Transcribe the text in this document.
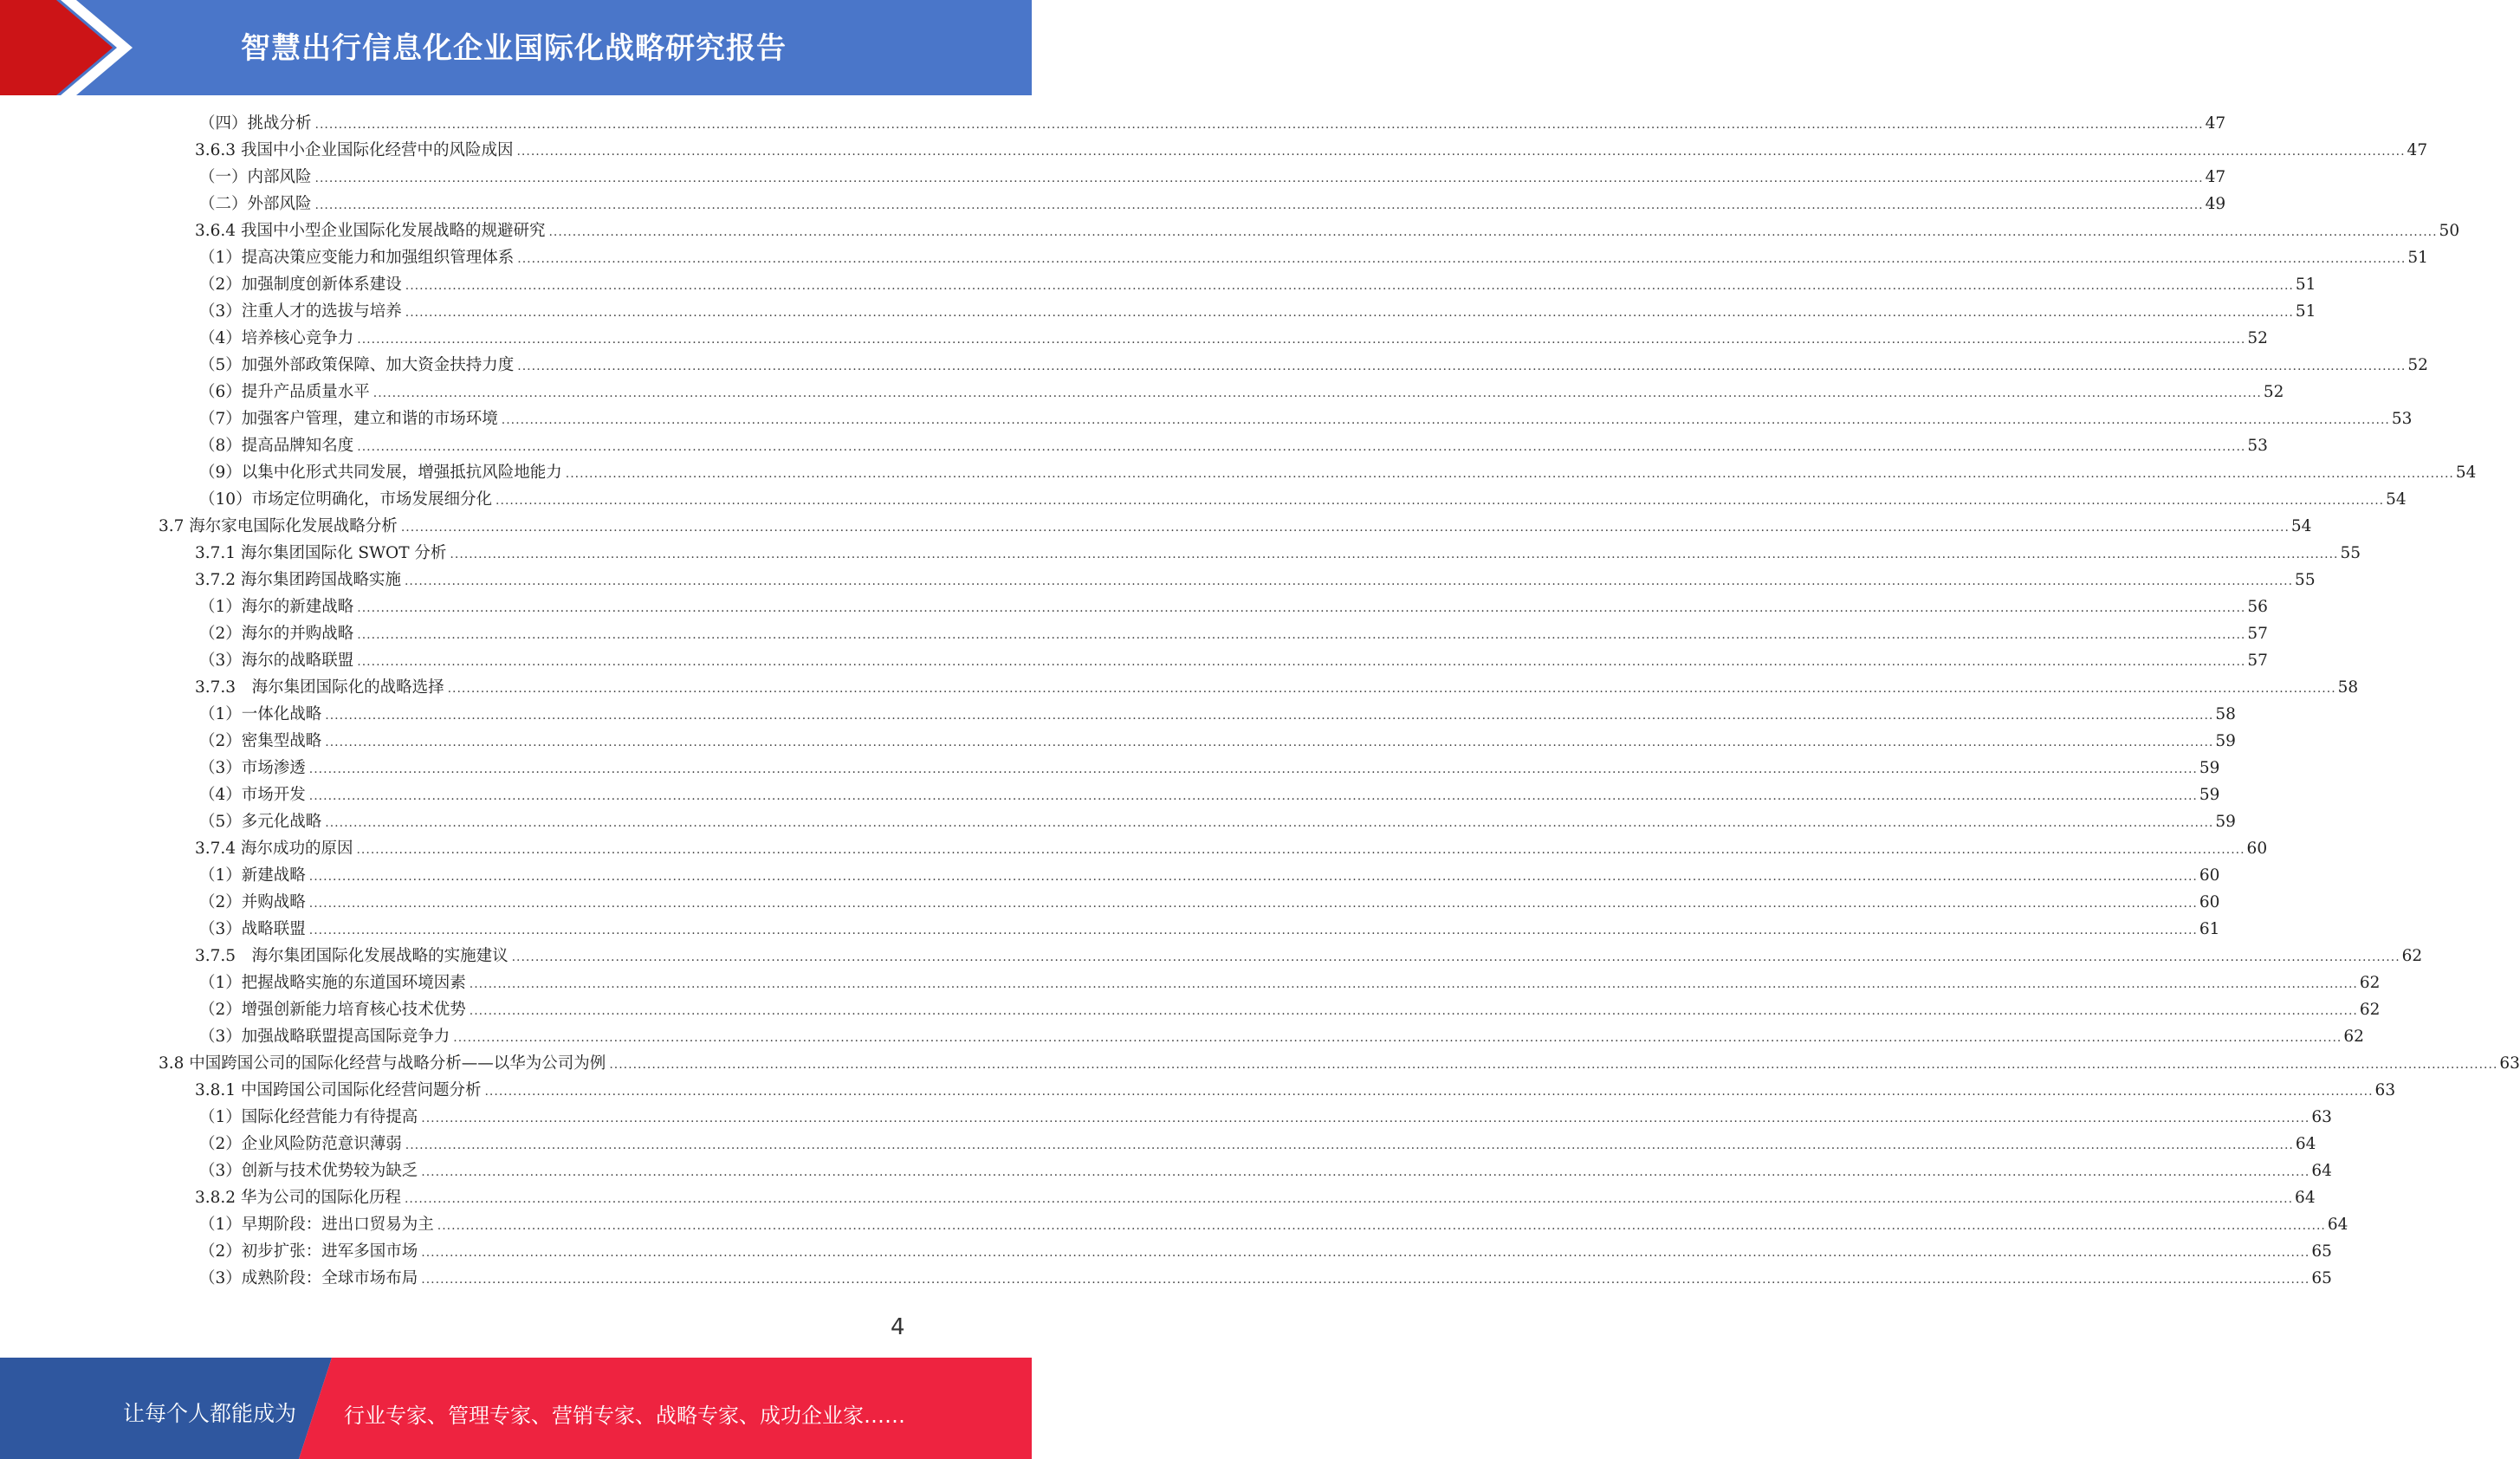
智慧出行信息化企业国际化战略研究报告
（四）挑战分析 ................................................................................................................................................................................................................................................................................................................................................................................................................ 47
3.6.3 我国中小企业国际化经营中的风险成因 ................................................................................................................................................................................................................................................................................................................................................................................................................ 47
（一）内部风险 ................................................................................................................................................................................................................................................................................................................................................................................................................ 47
（二）外部风险 ................................................................................................................................................................................................................................................................................................................................................................................................................ 49
3.6.4 我国中小型企业国际化发展战略的规避研究 ................................................................................................................................................................................................................................................................................................................................................................................................................ 50
（1）提高决策应变能力和加强组织管理体系 ................................................................................................................................................................................................................................................................................................................................................................................................................ 51
（2）加强制度创新体系建设 ................................................................................................................................................................................................................................................................................................................................................................................................................ 51
（3）注重人才的选拔与培养 ................................................................................................................................................................................................................................................................................................................................................................................................................ 51
（4）培养核心竞争力 ................................................................................................................................................................................................................................................................................................................................................................................................................ 52
（5）加强外部政策保障、加大资金扶持力度 ................................................................................................................................................................................................................................................................................................................................................................................................................ 52
（6）提升产品质量水平 ................................................................................................................................................................................................................................................................................................................................................................................................................ 52
（7）加强客户管理，建立和谐的市场环境 ................................................................................................................................................................................................................................................................................................................................................................................................................ 53
（8）提高品牌知名度 ................................................................................................................................................................................................................................................................................................................................................................................................................ 53
（9）以集中化形式共同发展，增强抵抗风险地能力 ................................................................................................................................................................................................................................................................................................................................................................................................................ 54
（10）市场定位明确化，市场发展细分化 ................................................................................................................................................................................................................................................................................................................................................................................................................ 54
3.7 海尔家电国际化发展战略分析 ................................................................................................................................................................................................................................................................................................................................................................................................................ 54
3.7.1 海尔集团国际化 SWOT 分析 ................................................................................................................................................................................................................................................................................................................................................................................................................ 55
3.7.2 海尔集团跨国战略实施 ................................................................................................................................................................................................................................................................................................................................................................................................................ 55
（1）海尔的新建战略 ................................................................................................................................................................................................................................................................................................................................................................................................................ 56
（2）海尔的并购战略 ................................................................................................................................................................................................................................................................................................................................................................................................................ 57
（3）海尔的战略联盟 ................................................................................................................................................................................................................................................................................................................................................................................................................ 57
3.7.3　海尔集团国际化的战略选择 ................................................................................................................................................................................................................................................................................................................................................................................................................ 58
（1）一体化战略 ................................................................................................................................................................................................................................................................................................................................................................................................................ 58
（2）密集型战略 ................................................................................................................................................................................................................................................................................................................................................................................................................ 59
（3）市场渗透 ................................................................................................................................................................................................................................................................................................................................................................................................................ 59
（4）市场开发 ................................................................................................................................................................................................................................................................................................................................................................................................................ 59
（5）多元化战略 ................................................................................................................................................................................................................................................................................................................................................................................................................ 59
3.7.4 海尔成功的原因 ................................................................................................................................................................................................................................................................................................................................................................................................................ 60
（1）新建战略 ................................................................................................................................................................................................................................................................................................................................................................................................................ 60
（2）并购战略 ................................................................................................................................................................................................................................................................................................................................................................................................................ 60
（3）战略联盟 ................................................................................................................................................................................................................................................................................................................................................................................................................ 61
3.7.5　海尔集团国际化发展战略的实施建议 ................................................................................................................................................................................................................................................................................................................................................................................................................ 62
（1）把握战略实施的东道国环境因素 ................................................................................................................................................................................................................................................................................................................................................................................................................ 62
（2）增强创新能力培育核心技术优势 ................................................................................................................................................................................................................................................................................................................................................................................................................ 62
（3）加强战略联盟提高国际竞争力 ................................................................................................................................................................................................................................................................................................................................................................................................................ 62
3.8 中国跨国公司的国际化经营与战略分析——以华为公司为例 ................................................................................................................................................................................................................................................................................................................................................................................................................ 63
3.8.1 中国跨国公司国际化经营问题分析 ................................................................................................................................................................................................................................................................................................................................................................................................................ 63
（1）国际化经营能力有待提高 ................................................................................................................................................................................................................................................................................................................................................................................................................ 63
（2）企业风险防范意识薄弱 ................................................................................................................................................................................................................................................................................................................................................................................................................ 64
（3）创新与技术优势较为缺乏 ................................................................................................................................................................................................................................................................................................................................................................................................................ 64
3.8.2 华为公司的国际化历程 ................................................................................................................................................................................................................................................................................................................................................................................................................ 64
（1）早期阶段：进出口贸易为主 ................................................................................................................................................................................................................................................................................................................................................................................................................ 64
（2）初步扩张：进军多国市场 ................................................................................................................................................................................................................................................................................................................................................................................................................ 65
（3）成熟阶段：全球市场布局 ................................................................................................................................................................................................................................................................................................................................................................................................................ 65
4
让每个人都能成为 行业专家、管理专家、营销专家、战略专家、成功企业家……
